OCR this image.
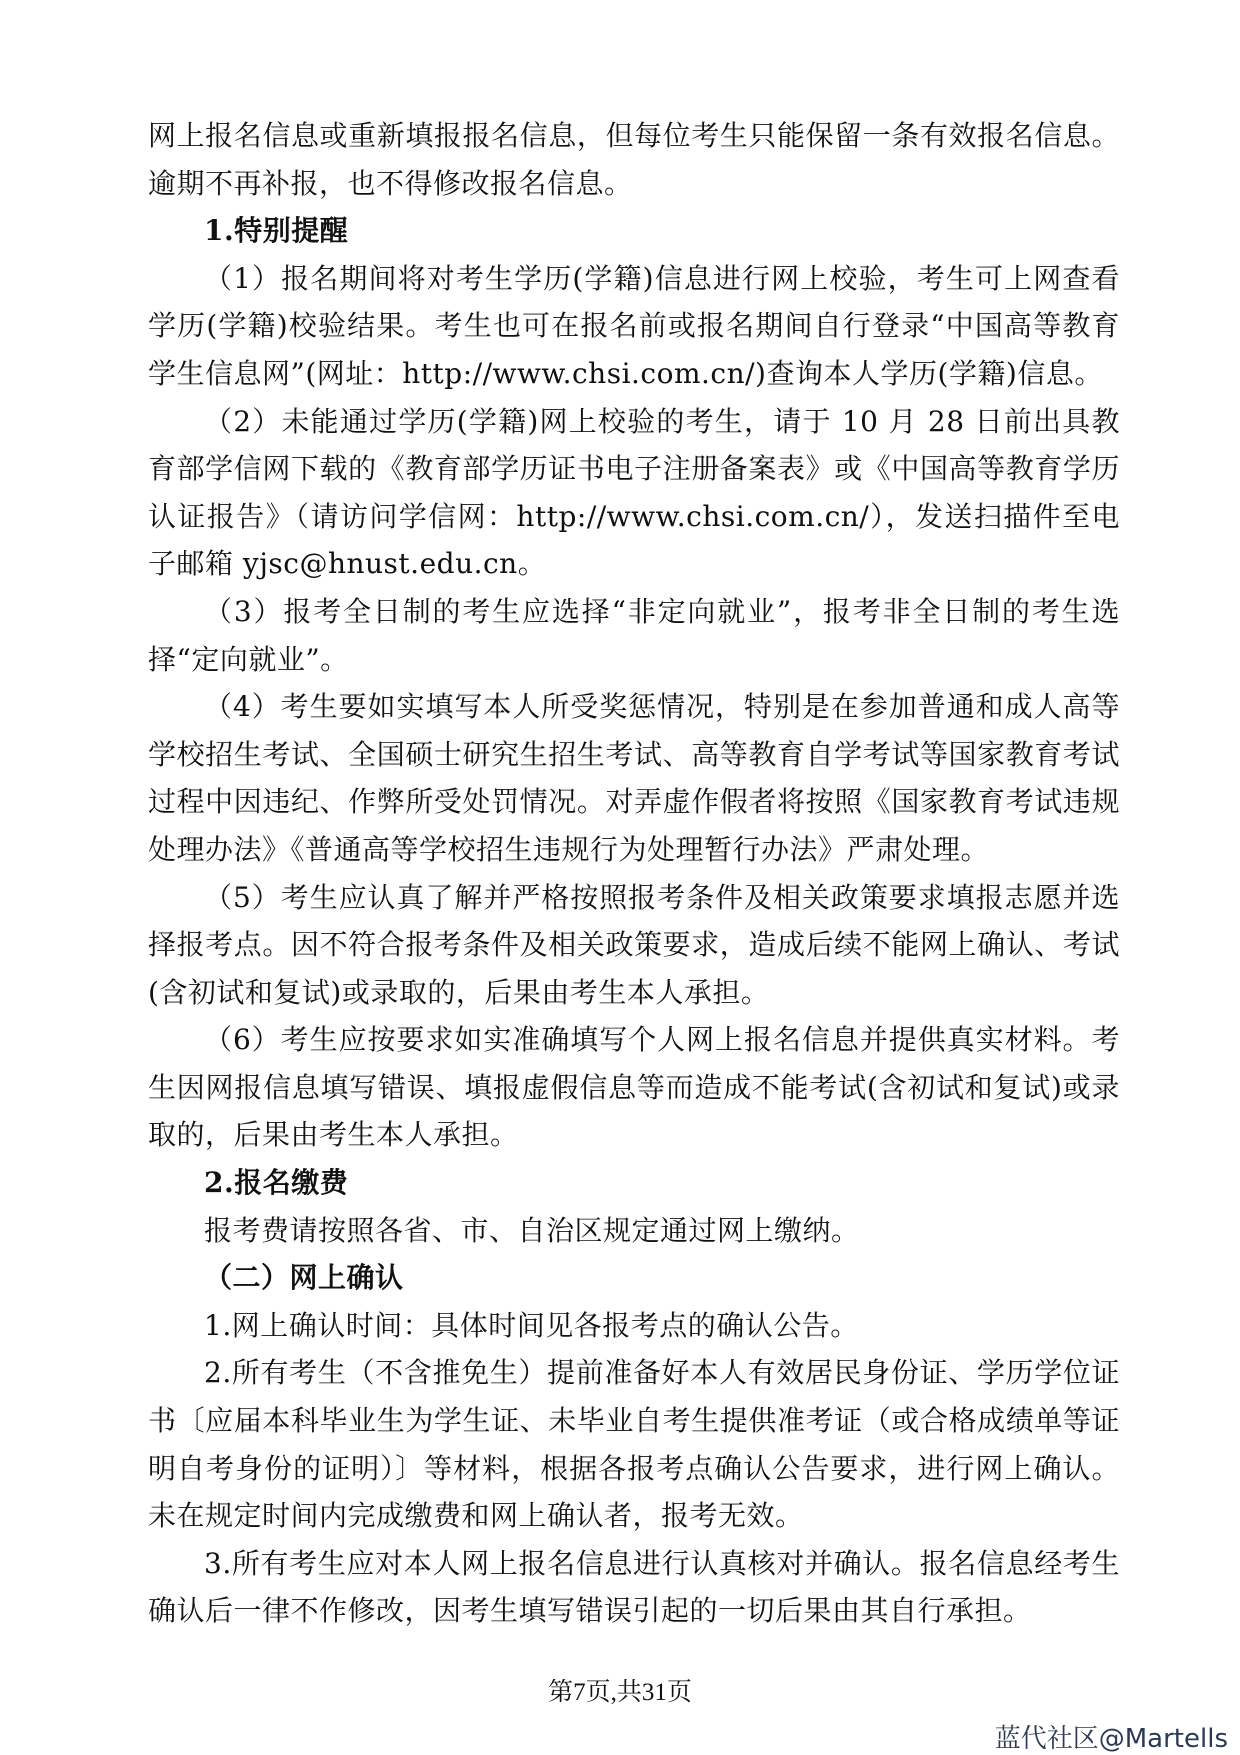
网上报名信息或重新填报报名信息，但每位考生只能保留一条有效报名信息。逾期不再补报，也不得修改报名信息。

1.特别提醒

（1）报名期间将对考生学历(学籍)信息进行网上校验，考生可上网查看学历(学籍)校验结果。考生也可在报名前或报名期间自行登录“中国高等教育学生信息网”(网址：http://www.chsi.com.cn/)查询本人学历(学籍)信息。

（2）未能通过学历(学籍)网上校验的考生，请于 10 月 28 日前出具教育部学信网下载的《教育部学历证书电子注册备案表》或《中国高等教育学历认证报告》（请访问学信网：http://www.chsi.com.cn/），发送扫描件至电子邮箱 yjsc@hnust.edu.cn。

（3）报考全日制的考生应选择“非定向就业”，报考非全日制的考生选择“定向就业”。

（4）考生要如实填写本人所受奖惩情况，特别是在参加普通和成人高等学校招生考试、全国硕士研究生招生考试、高等教育自学考试等国家教育考试过程中因违纪、作弊所受处罚情况。对弄虚作假者将按照《国家教育考试违规处理办法》《普通高等学校招生违规行为处理暂行办法》严肃处理。

（5）考生应认真了解并严格按照报考条件及相关政策要求填报志愿并选择报考点。因不符合报考条件及相关政策要求，造成后续不能网上确认、考试(含初试和复试)或录取的，后果由考生本人承担。

（6）考生应按要求如实准确填写个人网上报名信息并提供真实材料。考生因网报信息填写错误、填报虚假信息等而造成不能考试(含初试和复试)或录取的，后果由考生本人承担。

2.报名缴费

报考费请按照各省、市、自治区规定通过网上缴纳。

（二）网上确认

1.网上确认时间：具体时间见各报考点的确认公告。

2.所有考生（不含推免生）提前准备好本人有效居民身份证、学历学位证书〔应届本科毕业生为学生证、未毕业自考生提供准考证（或合格成绩单等证明自考身份的证明）〕等材料，根据各报考点确认公告要求，进行网上确认。未在规定时间内完成缴费和网上确认者，报考无效。

3.所有考生应对本人网上报名信息进行认真核对并确认。报名信息经考生确认后一律不作修改，因考生填写错误引起的一切后果由其自行承担。

第7页,共31页
蓝代社区@Martells
